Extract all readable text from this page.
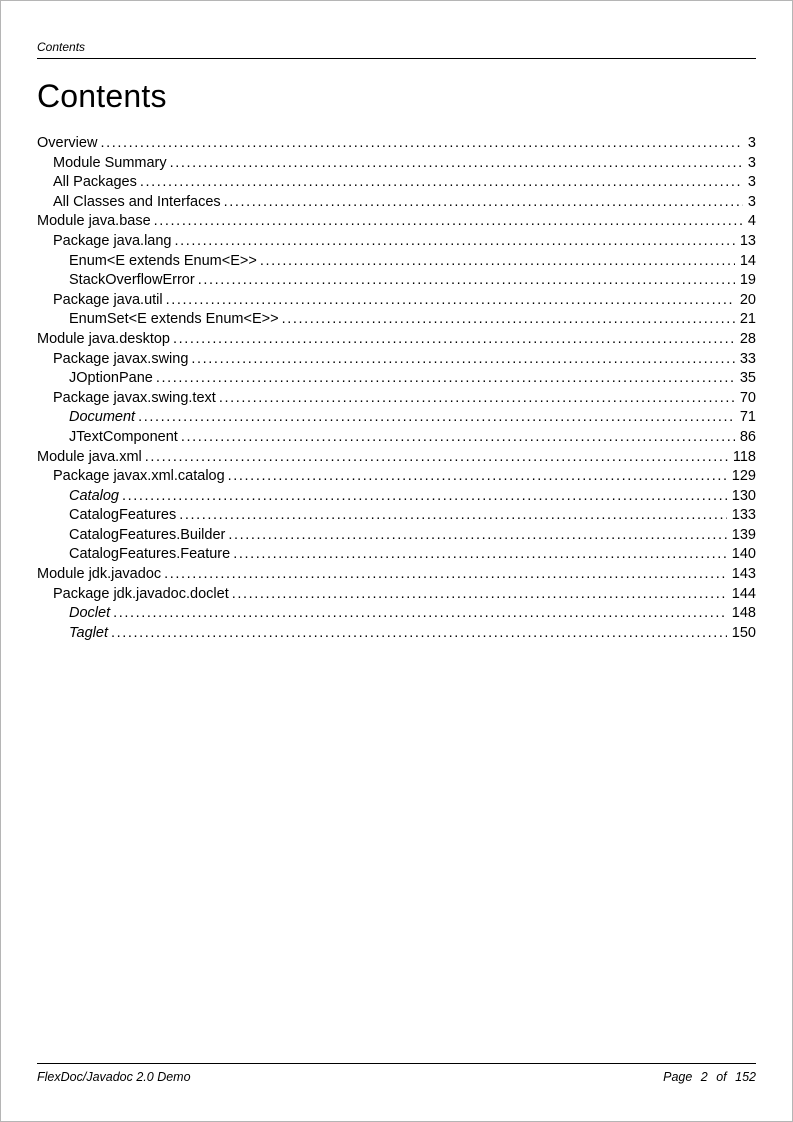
Contents
Contents
Overview .....	3
Module Summary .....	3
All Packages .....	3
All Classes and Interfaces .....	3
Module java.base .....	4
Package java.lang .....	13
Enum<E extends Enum<E>> .....	14
StackOverflowError .....	19
Package java.util .....	20
EnumSet<E extends Enum<E>> .....	21
Module java.desktop .....	28
Package javax.swing .....	33
JOptionPane .....	35
Package javax.swing.text .....	70
Document .....	71
JTextComponent .....	86
Module java.xml .....	118
Package javax.xml.catalog .....	129
Catalog .....	130
CatalogFeatures .....	133
CatalogFeatures.Builder .....	139
CatalogFeatures.Feature .....	140
Module jdk.javadoc .....	143
Package jdk.javadoc.doclet .....	144
Doclet .....	148
Taglet .....	150
FlexDoc/Javadoc 2.0 Demo	Page 2 of 152
